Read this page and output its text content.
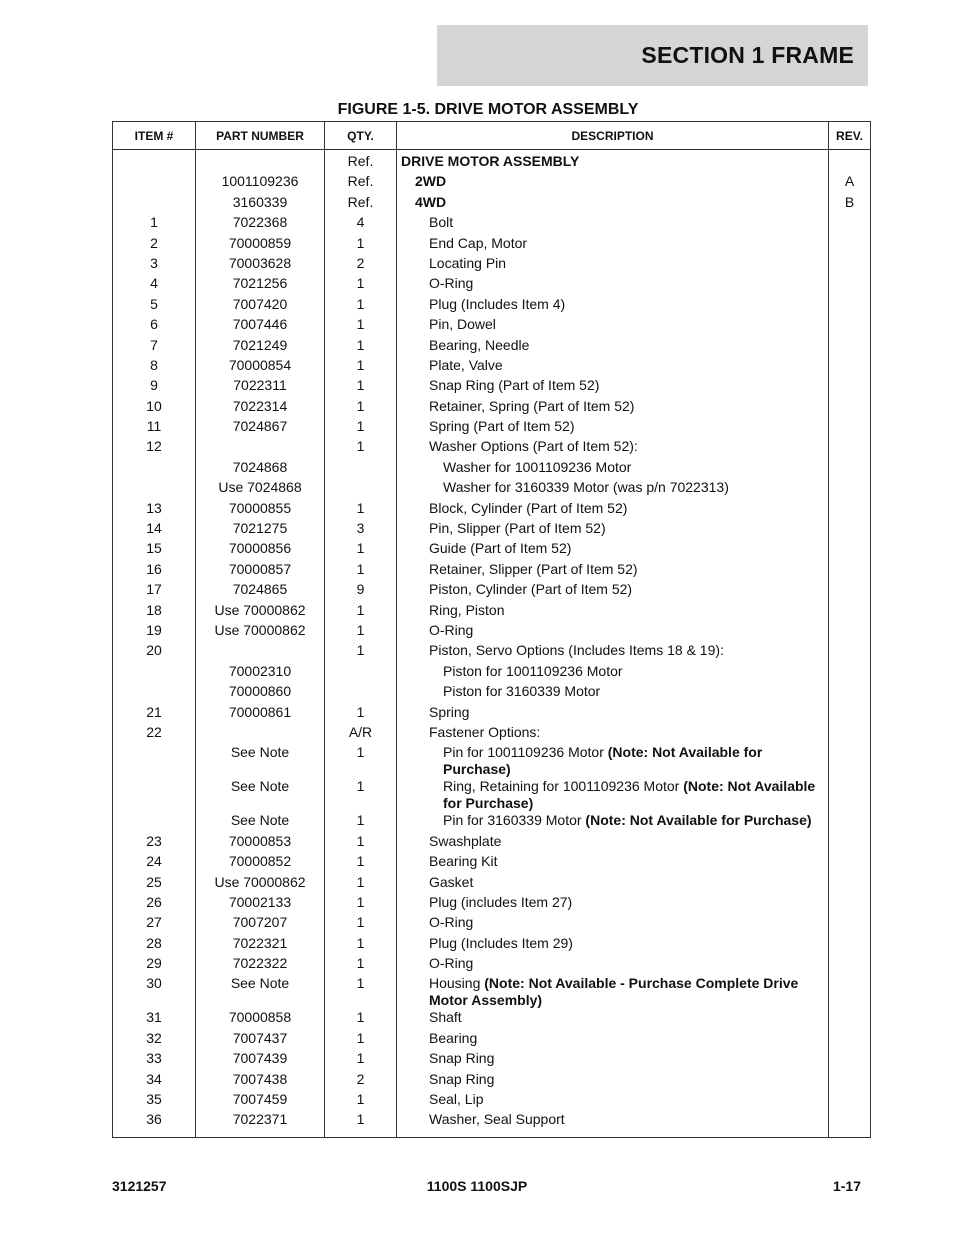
SECTION 1 FRAME
FIGURE 1-5. DRIVE MOTOR ASSEMBLY
ITEM #	PART NUMBER	QTY.	DESCRIPTION	REV.
		Ref.	DRIVE MOTOR ASSEMBLY	
	1001109236	Ref.	2WD	A
	3160339	Ref.	4WD	B
1	7022368	4	Bolt	
2	70000859	1	End Cap, Motor	
3	70003628	2	Locating Pin	
4	7021256	1	O-Ring	
5	7007420	1	Plug (Includes Item 4)	
6	7007446	1	Pin, Dowel	
7	7021249	1	Bearing, Needle	
8	70000854	1	Plate, Valve	
9	7022311	1	Snap Ring (Part of Item 52)	
10	7022314	1	Retainer, Spring (Part of Item 52)	
11	7024867	1	Spring (Part of Item 52)	
12		1	Washer Options (Part of Item 52):	
	7024868		Washer for 1001109236 Motor	
	Use 7024868		Washer for 3160339 Motor (was p/n 7022313)	
13	70000855	1	Block, Cylinder (Part of Item 52)	
14	7021275	3	Pin, Slipper (Part of Item 52)	
15	70000856	1	Guide (Part of Item 52)	
16	70000857	1	Retainer, Slipper (Part of Item 52)	
17	7024865	9	Piston, Cylinder (Part of Item 52)	
18	Use 70000862	1	Ring, Piston	
19	Use 70000862	1	O-Ring	
20		1	Piston, Servo Options (Includes Items 18 & 19):	
	70002310		Piston for 1001109236 Motor	
	70000860		Piston for 3160339 Motor	
21	70000861	1	Spring	
22		A/R	Fastener Options:	
	See Note	1	Pin for 1001109236 Motor (Note: Not Available for Purchase)	
	See Note	1	Ring, Retaining for 1001109236 Motor (Note: Not Available for Purchase)	
	See Note	1	Pin for 3160339 Motor (Note: Not Available for Purchase)	
23	70000853	1	Swashplate	
24	70000852	1	Bearing Kit	
25	Use 70000862	1	Gasket	
26	70002133	1	Plug (includes Item 27)	
27	7007207	1	O-Ring	
28	7022321	1	Plug (Includes Item 29)	
29	7022322	1	O-Ring	
30	See Note	1	Housing (Note: Not Available - Purchase Complete Drive Motor Assembly)	
31	70000858	1	Shaft	
32	7007437	1	Bearing	
33	7007439	1	Snap Ring	
34	7007438	2	Snap Ring	
35	7007459	1	Seal, Lip	
36	7022371	1	Washer, Seal Support	
3121257	1100S 1100SJP	1-17
